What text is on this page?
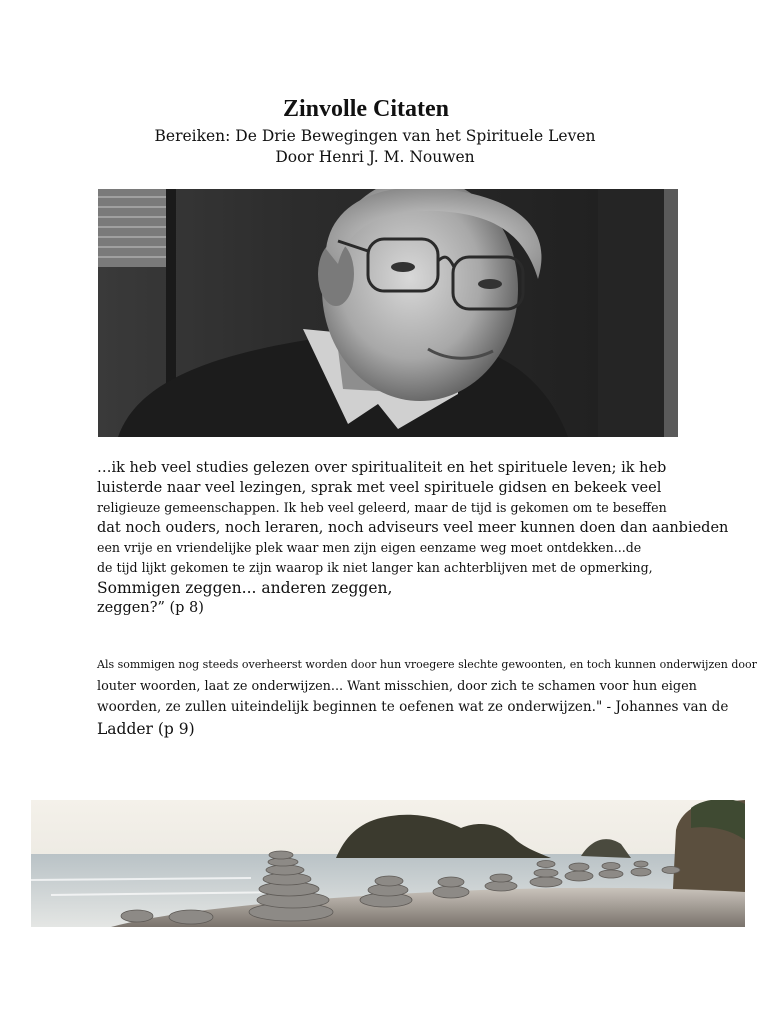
Zinvolle Citaten
Bereiken: De Drie Bewegingen van het Spirituele Leven
Door Henri J. M. Nouwen
…ik heb veel studies gelezen over spiritualiteit en het spirituele leven; ik heb
luisterde naar veel lezingen, sprak met veel spirituele gidsen en bekeek veel
religieuze gemeenschappen. Ik heb veel geleerd, maar de tijd is gekomen om te beseffen
dat noch ouders, noch leraren, noch adviseurs veel meer kunnen doen dan aanbieden
een vrije en vriendelijke plek waar men zijn eigen eenzame weg moet ontdekken...de
de tijd lijkt gekomen te zijn waarop ik niet langer kan achterblijven met de opmerking,
Sommigen zeggen... anderen zeggen,
zeggen?” (p 8)
Als sommigen nog steeds overheerst worden door hun vroegere slechte gewoonten, en toch kunnen onderwijzen door
louter woorden, laat ze onderwijzen... Want misschien, door zich te schamen voor hun eigen
woorden, ze zullen uiteindelijk beginnen te oefenen wat ze onderwijzen." - Johannes van de
Ladder (p 9)
